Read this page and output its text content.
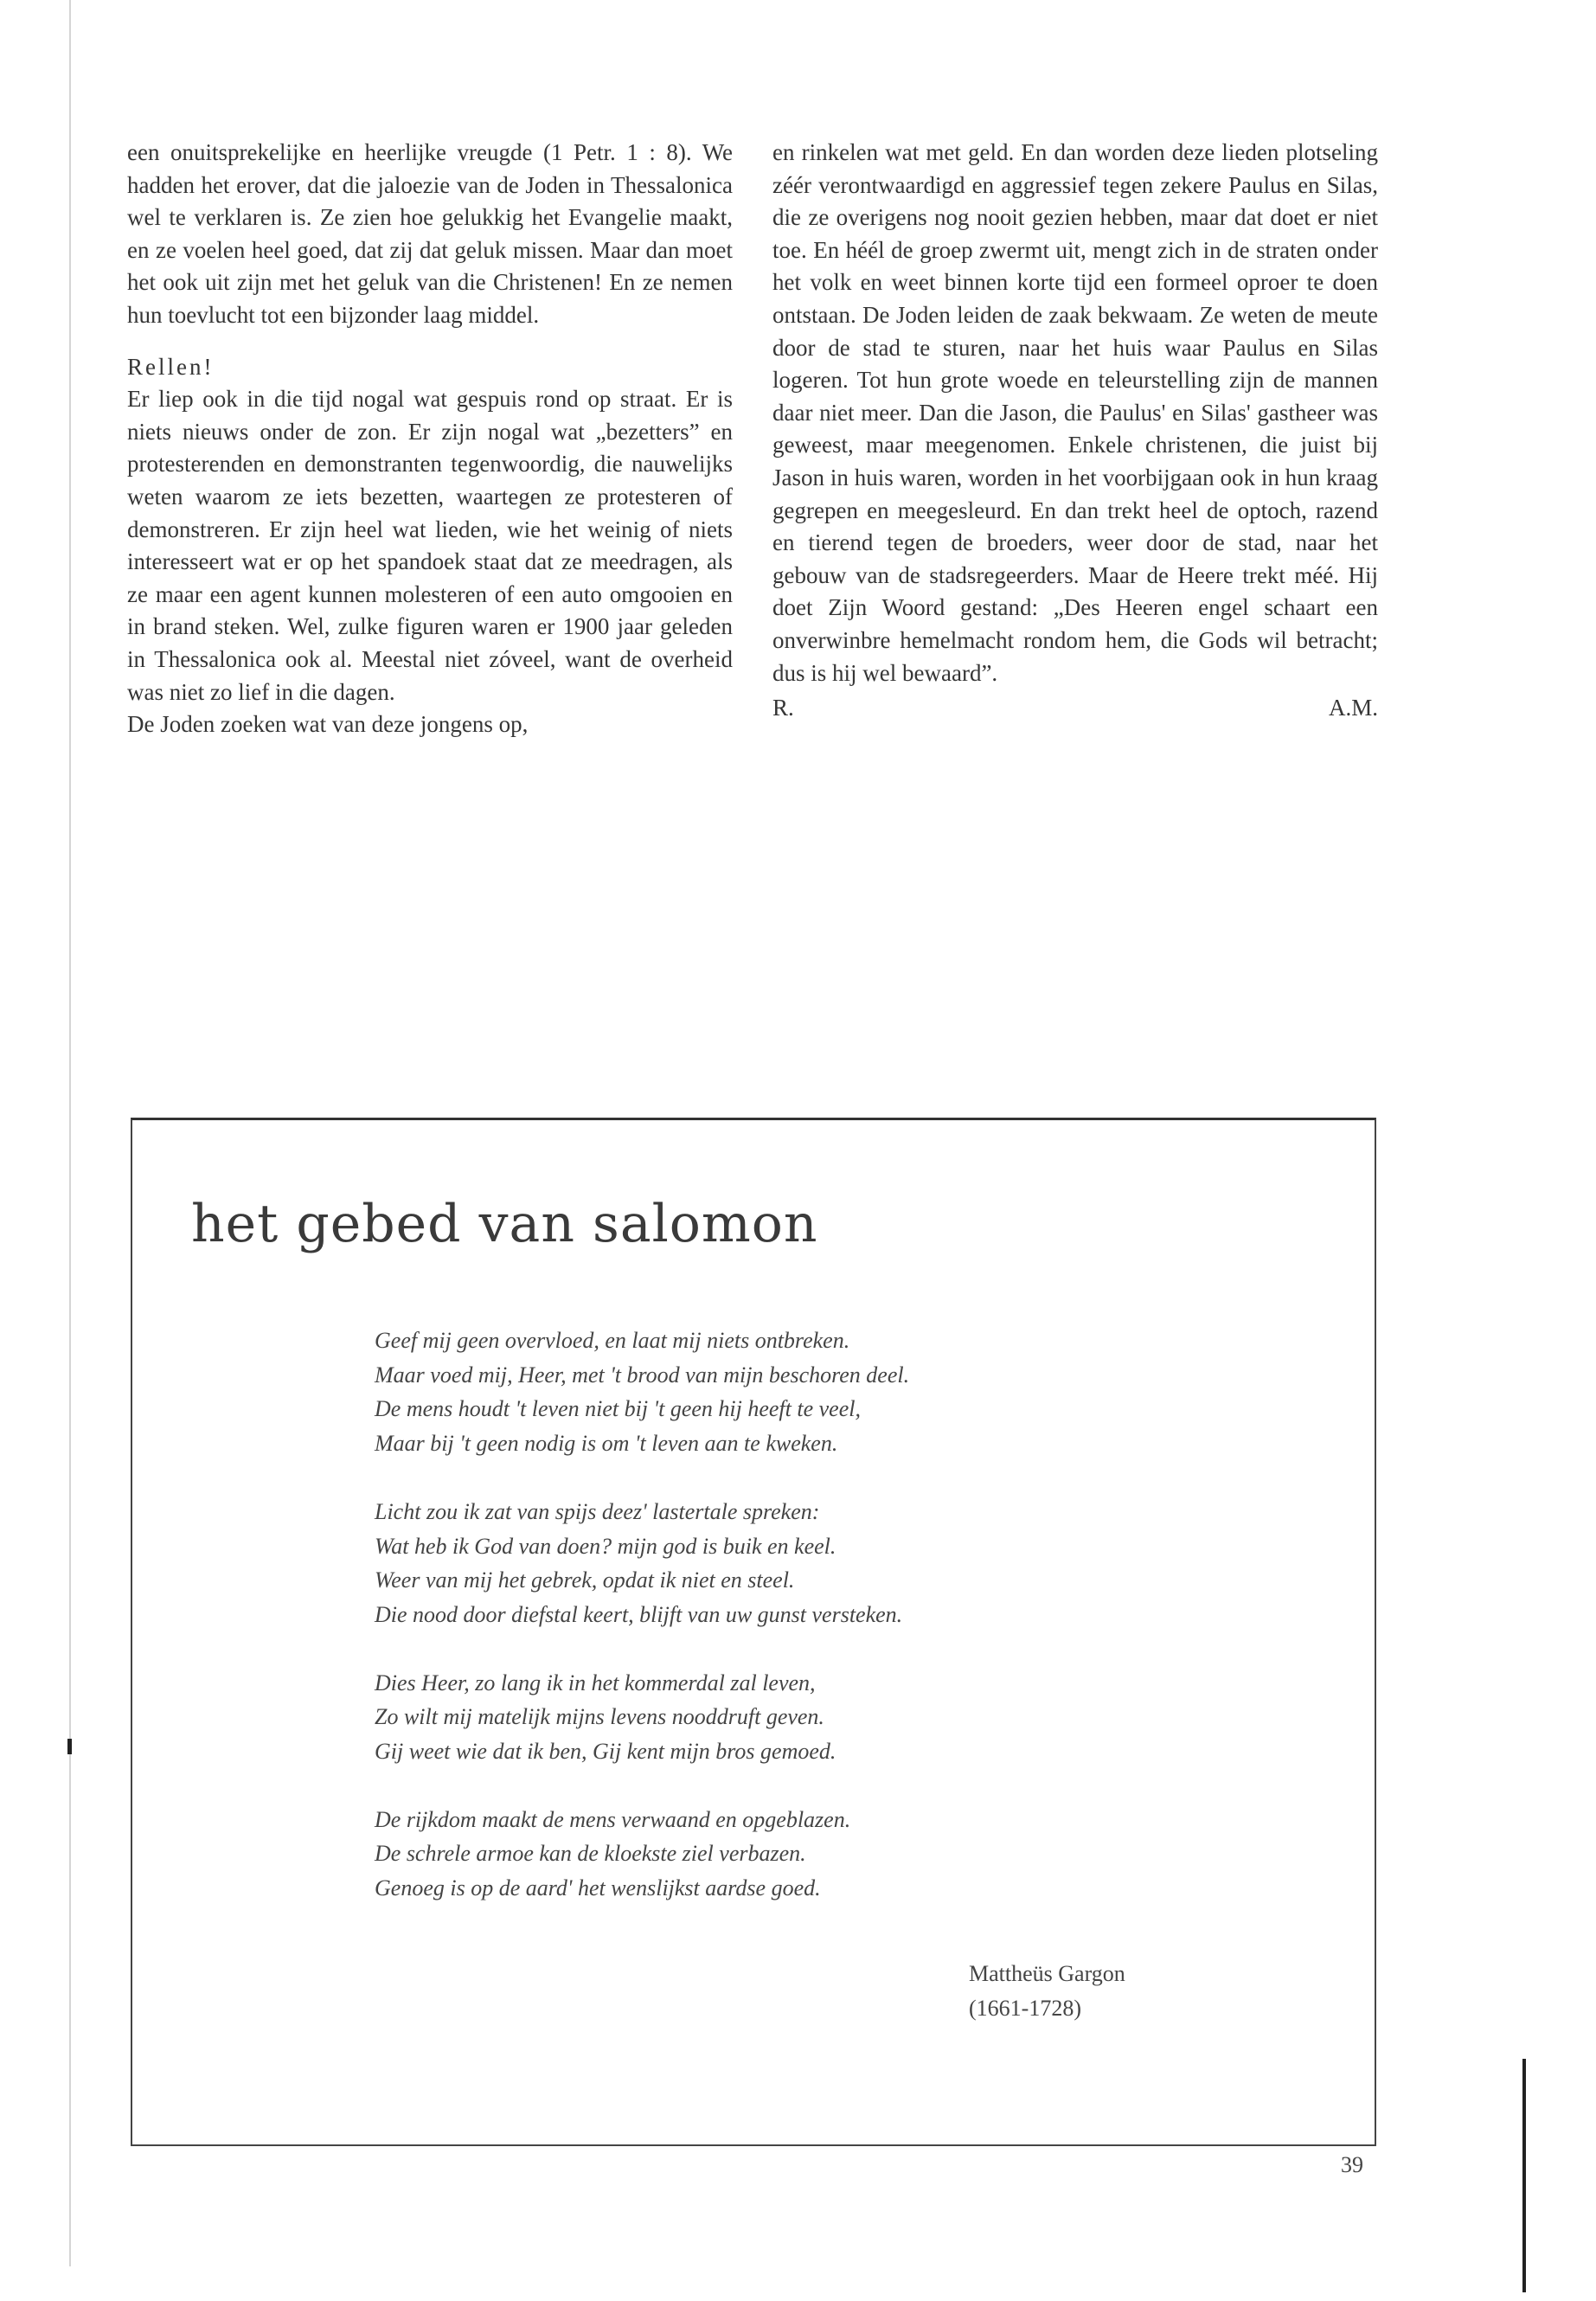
een onuitsprekelijke en heerlijke vreugde (1 Petr. 1 : 8). We hadden het erover, dat die jaloezie van de Joden in Thessalonica wel te verklaren is. Ze zien hoe gelukkig het Evangelie maakt, en ze voelen heel goed, dat zij dat geluk missen. Maar dan moet het ook uit zijn met het geluk van die Christenen! En ze nemen hun toevlucht tot een bijzonder laag middel.

Rellen!

Er liep ook in die tijd nogal wat gespuis rond op straat. Er is niets nieuws onder de zon. Er zijn nogal wat „bezetters” en protesterenden en demonstranten tegenwoordig, die nauwelijks weten waarom ze iets bezetten, waartegen ze protesteren of demonstreren. Er zijn heel wat lieden, wie het weinig of niets interesseert wat er op het spandoek staat dat ze meedragen, als ze maar een agent kunnen molesteren of een auto omgooien en in brand steken. Wel, zulke figuren waren er 1900 jaar geleden in Thessalonica ook al. Meestal niet zóveel, want de overheid was niet zo lief in die dagen.

De Joden zoeken wat van deze jongens op,

en rinkelen wat met geld. En dan worden deze lieden plotseling zéér verontwaardigd en aggressief tegen zekere Paulus en Silas, die ze overigens nog nooit gezien hebben, maar dat doet er niet toe. En héél de groep zwermt uit, mengt zich in de straten onder het volk en weet binnen korte tijd een formeel oproer te doen ontstaan. De Joden leiden de zaak bekwaam. Ze weten de meute door de stad te sturen, naar het huis waar Paulus en Silas logeren. Tot hun grote woede en teleurstelling zijn de mannen daar niet meer. Dan die Jason, die Paulus' en Silas' gastheer was geweest, maar meegenomen. Enkele christenen, die juist bij Jason in huis waren, worden in het voorbijgaan ook in hun kraag gegrepen en meegesleurd. En dan trekt heel de optoch, razend en tierend tegen de broeders, weer door de stad, naar het gebouw van de stadsregeerders. Maar de Heere trekt méé. Hij doet Zijn Woord gestand: „Des Heeren engel schaart een onverwinbre hemelmacht rondom hem, die Gods wil betracht; dus is hij wel bewaard”.

R.	A.M.
het gebed van salomon
Geef mij geen overvloed, en laat mij niets ontbreken.
Maar voed mij, Heer, met 't brood van mijn beschoren deel.
De mens houdt 't leven niet bij 't geen hij heeft te veel,
Maar bij 't geen nodig is om 't leven aan te kweken.
Licht zou ik zat van spijs deez' lastertale spreken:
Wat heb ik God van doen? mijn god is buik en keel.
Weer van mij het gebrek, opdat ik niet en steel.
Die nood door diefstal keert, blijft van uw gunst versteken.
Dies Heer, zo lang ik in het kommerdal zal leven,
Zo wilt mij matelijk mijns levens nooddruft geven.
Gij weet wie dat ik ben, Gij kent mijn bros gemoed.
De rijkdom maakt de mens verwaand en opgeblazen.
De schrele armoe kan de kloekste ziel verbazen.
Genoeg is op de aard' het wenslijkst aardse goed.
Mattheüs Gargon
(1661-1728)
39
